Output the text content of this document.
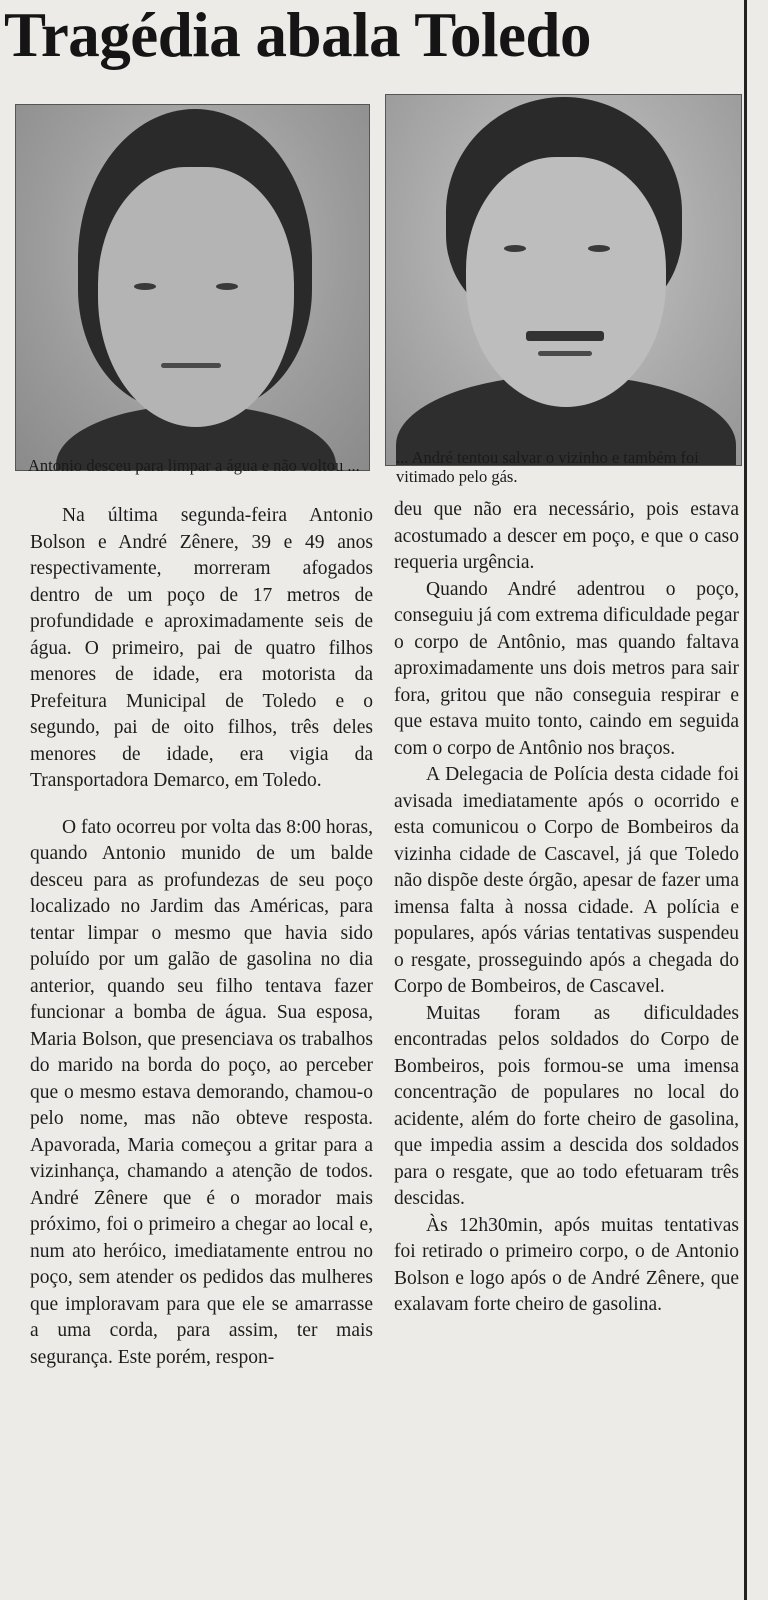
Tragédia abala Toledo
Antonio desceu para limpar a água e não voltou ...	... André tentou salvar o vizinho e também foi vitimado pelo gás.

Na última segunda-feira Antonio Bolson e André Zênere, 39 e 49 anos respectivamente, morreram afogados dentro de um poço de 17 metros de profundidade e aproximadamente seis de água. O primeiro, pai de quatro filhos menores de idade, era motorista da Prefeitura Municipal de Toledo e o segundo, pai de oito filhos, três deles menores de idade, era vigia da Transportadora Demarco, em Toledo.

O fato ocorreu por volta das 8:00 horas, quando Antonio munido de um balde desceu para as profundezas de seu poço localizado no Jardim das Américas, para tentar limpar o mesmo que havia sido poluído por um galão de gasolina no dia anterior, quando seu filho tentava fazer funcionar a bomba de água. Sua esposa, Maria Bolson, que presenciava os trabalhos do marido na borda do poço, ao perceber que o mesmo estava demorando, chamou-o pelo nome, mas não obteve resposta. Apavorada, Maria começou a gritar para a vizinhança, chamando a atenção de todos. André Zênere que é o morador mais próximo, foi o primeiro a chegar ao local e, num ato heróico, imediatamente entrou no poço, sem atender os pedidos das mulheres que imploravam para que ele se amarrasse a uma corda, para assim, ter mais segurança. Este porém, respon-

deu que não era necessário, pois estava acostumado a descer em poço, e que o caso requeria urgência.

Quando André adentrou o poço, conseguiu já com extrema dificuldade pegar o corpo de Antônio, mas quando faltava aproximadamente uns dois metros para sair fora, gritou que não conseguia respirar e que estava muito tonto, caindo em seguida com o corpo de Antônio nos braços.

A Delegacia de Polícia desta cidade foi avisada imediatamente após o ocorrido e esta comunicou o Corpo de Bombeiros da vizinha cidade de Cascavel, já que Toledo não dispõe deste órgão, apesar de fazer uma imensa falta à nossa cidade. A polícia e populares, após várias tentativas suspendeu o resgate, prosseguindo após a chegada do Corpo de Bombeiros, de Cascavel.

Muitas foram as dificuldades encontradas pelos soldados do Corpo de Bombeiros, pois formou-se uma imensa concentração de populares no local do acidente, além do forte cheiro de gasolina, que impedia assim a descida dos soldados para o resgate, que ao todo efetuaram três descidas.

Às 12h30min, após muitas tentativas foi retirado o primeiro corpo, o de Antonio Bolson e logo após o de André Zênere, que exalavam forte cheiro de gasolina.
